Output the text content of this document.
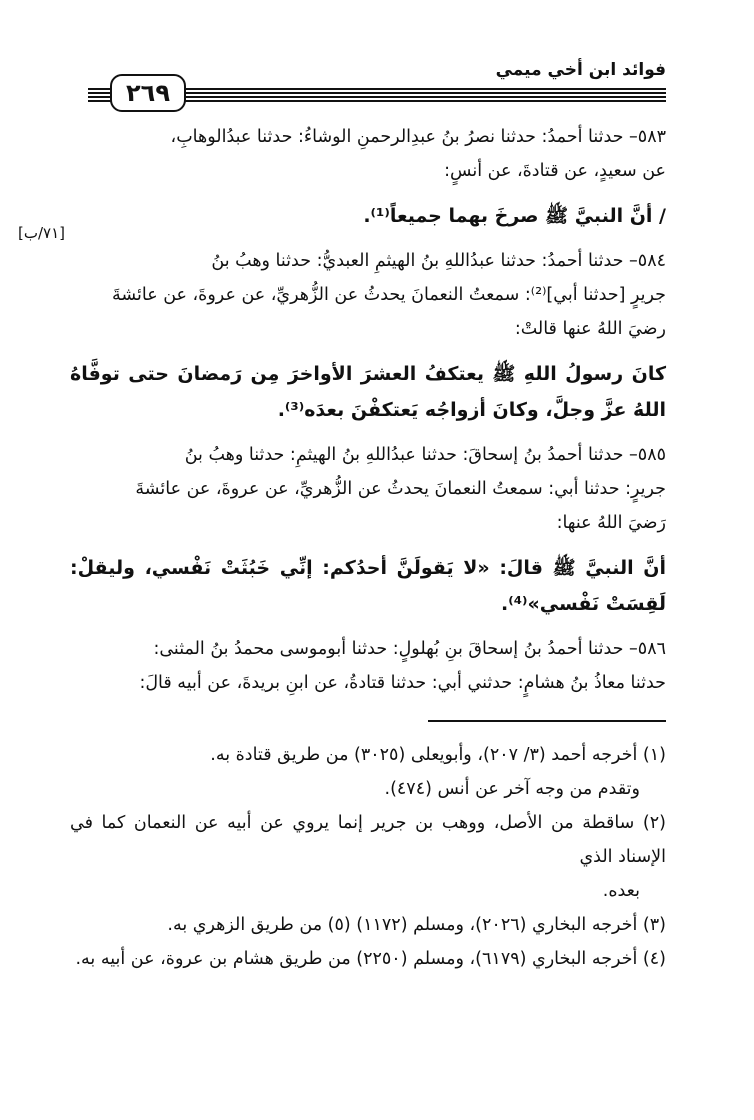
فوائد ابن أخي ميمي
٢٦٩
[٧١/ب]

٥٨٣– حدثنا أحمدُ: حدثنا نصرُ بنُ عبدِالرحمنِ الوشاءُ: حدثنا عبدُالوهابِ،

عن سعيدٍ، عن قتادةَ، عن أنسٍ:

/ أنَّ النبيَّ ﷺ صرخَ بهما جميعاً⁽¹⁾.

٥٨٤– حدثنا أحمدُ: حدثنا عبدُاللهِ بنُ الهيثمِ العبديُّ: حدثنا وهبُ بنُ

جريرٍ [حدثنا أبي]⁽²⁾: سمعتُ النعمانَ يحدثُ عن الزُّهريِّ، عن عروةَ، عن عائشةَ

رضيَ اللهُ عنها قالتْ:

كانَ رسولُ اللهِ ﷺ يعتكفُ العشرَ الأواخرَ مِن رَمضانَ حتى توفَّاهُ اللهُ عزَّ وجلَّ، وكانَ أزواجُه يَعتكفْنَ بعدَه⁽³⁾.

٥٨٥– حدثنا أحمدُ بنُ إسحاقَ: حدثنا عبدُاللهِ بنُ الهيثمِ: حدثنا وهبُ بنُ

جريرٍ: حدثنا أبي: سمعتُ النعمانَ يحدثُ عن الزُّهريِّ، عن عروةَ، عن عائشةَ

رَضيَ اللهُ عنها:

أنَّ النبيَّ ﷺ قالَ: «لا يَقولَنَّ أحدُكم: إنِّي خَبُثَتْ نَفْسي، وليقلْ: لَقِسَتْ نَفْسي»⁽⁴⁾.

٥٨٦– حدثنا أحمدُ بنُ إسحاقَ بنِ بُهلولٍ: حدثنا أبوموسى محمدُ بنُ المثنى:

حدثنا معاذُ بنُ هشامٍ: حدثني أبي: حدثنا قتادةُ، عن ابنِ بريدةَ، عن أبيه قالَ:

(١) أخرجه أحمد (٣/ ٢٠٧)، وأبويعلى (٣٠٢٥) من طريق قتادة به.

وتقدم من وجه آخر عن أنس (٤٧٤).

(٢) ساقطة من الأصل، ووهب بن جرير إنما يروي عن أبيه عن النعمان كما في الإسناد الذي

بعده.

(٣) أخرجه البخاري (٢٠٢٦)، ومسلم (١١٧٢) (٥) من طريق الزهري به.

(٤) أخرجه البخاري (٦١٧٩)، ومسلم (٢٢٥٠) من طريق هشام بن عروة، عن أبيه به.
